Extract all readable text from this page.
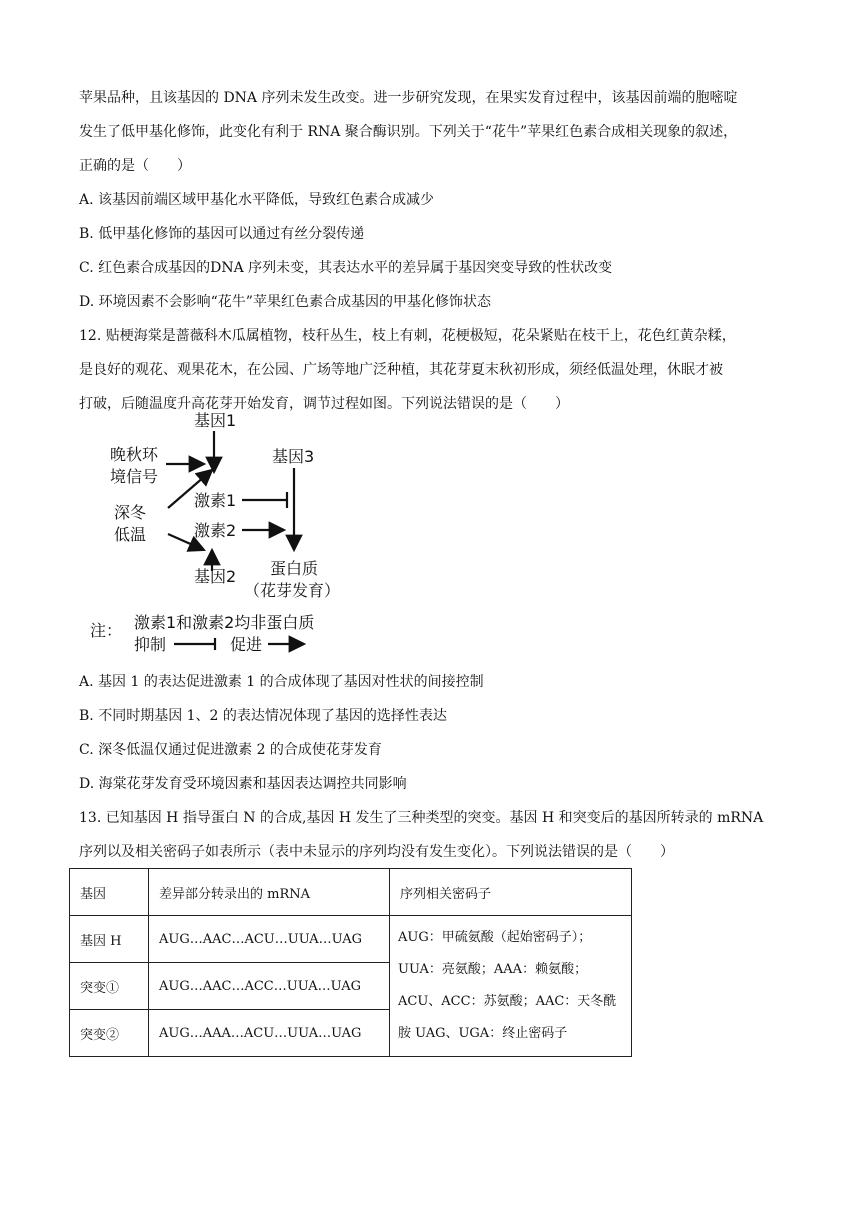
苹果品种，且该基因的 DNA 序列未发生改变。进一步研究发现，在果实发育过程中，该基因前端的胞嘧啶
发生了低甲基化修饰，此变化有利于 RNA 聚合酶识别。下列关于“花牛”苹果红色素合成相关现象的叙述，
正确的是（　　）
A. 该基因前端区域甲基化水平降低，导致红色素合成减少
B. 低甲基化修饰的基因可以通过有丝分裂传递
C. 红色素合成基因的DNA 序列未变，其表达水平的差异属于基因突变导致的性状改变
D. 环境因素不会影响“花牛”苹果红色素合成基因的甲基化修饰状态
12. 贴梗海棠是蔷薇科木瓜属植物，枝秆丛生，枝上有刺，花梗极短，花朵紧贴在枝干上，花色红黄杂糅，
是良好的观花、观果花木，在公园、广场等地广泛种植，其花芽夏末秋初形成，须经低温处理，休眠才被
打破，后随温度升高花芽开始发育，调节过程如图。下列说法错误的是（　　）
晚秋环
境信号
基因1
基因3
激素1
深冬
低温	激素2
基因2 蛋白质
（花芽发育）
注： 激素1和激素2均非蛋白质
抑制	促进
A. 基因 1 的表达促进激素 1 的合成体现了基因对性状的间接控制
B. 不同时期基因 1、2 的表达情况体现了基因的选择性表达
C. 深冬低温仅通过促进激素 2 的合成使花芽发育
D. 海棠花芽发育受环境因素和基因表达调控共同影响
13. 已知基因 H 指导蛋白 N 的合成,基因 H 发生了三种类型的突变。基因 H 和突变后的基因所转录的 mRNA
序列以及相关密码子如表所示（表中未显示的序列均没有发生变化）。下列说法错误的是（　　）
基因	差异部分转录出的 mRNA	序列相关密码子
基因 H	AUG…AAC…ACU…UUA…UAG	AUG：甲硫氨酸（起始密码子）；UUA：亮氨酸；AAA：赖氨酸；ACU、ACC：苏氨酸；AAC：天冬酰胺 UAG、UGA：终止密码子
突变①	AUG…AAC…ACC…UUA…UAG	
突变②	AUG…AAA…ACU…UUA…UAG	
